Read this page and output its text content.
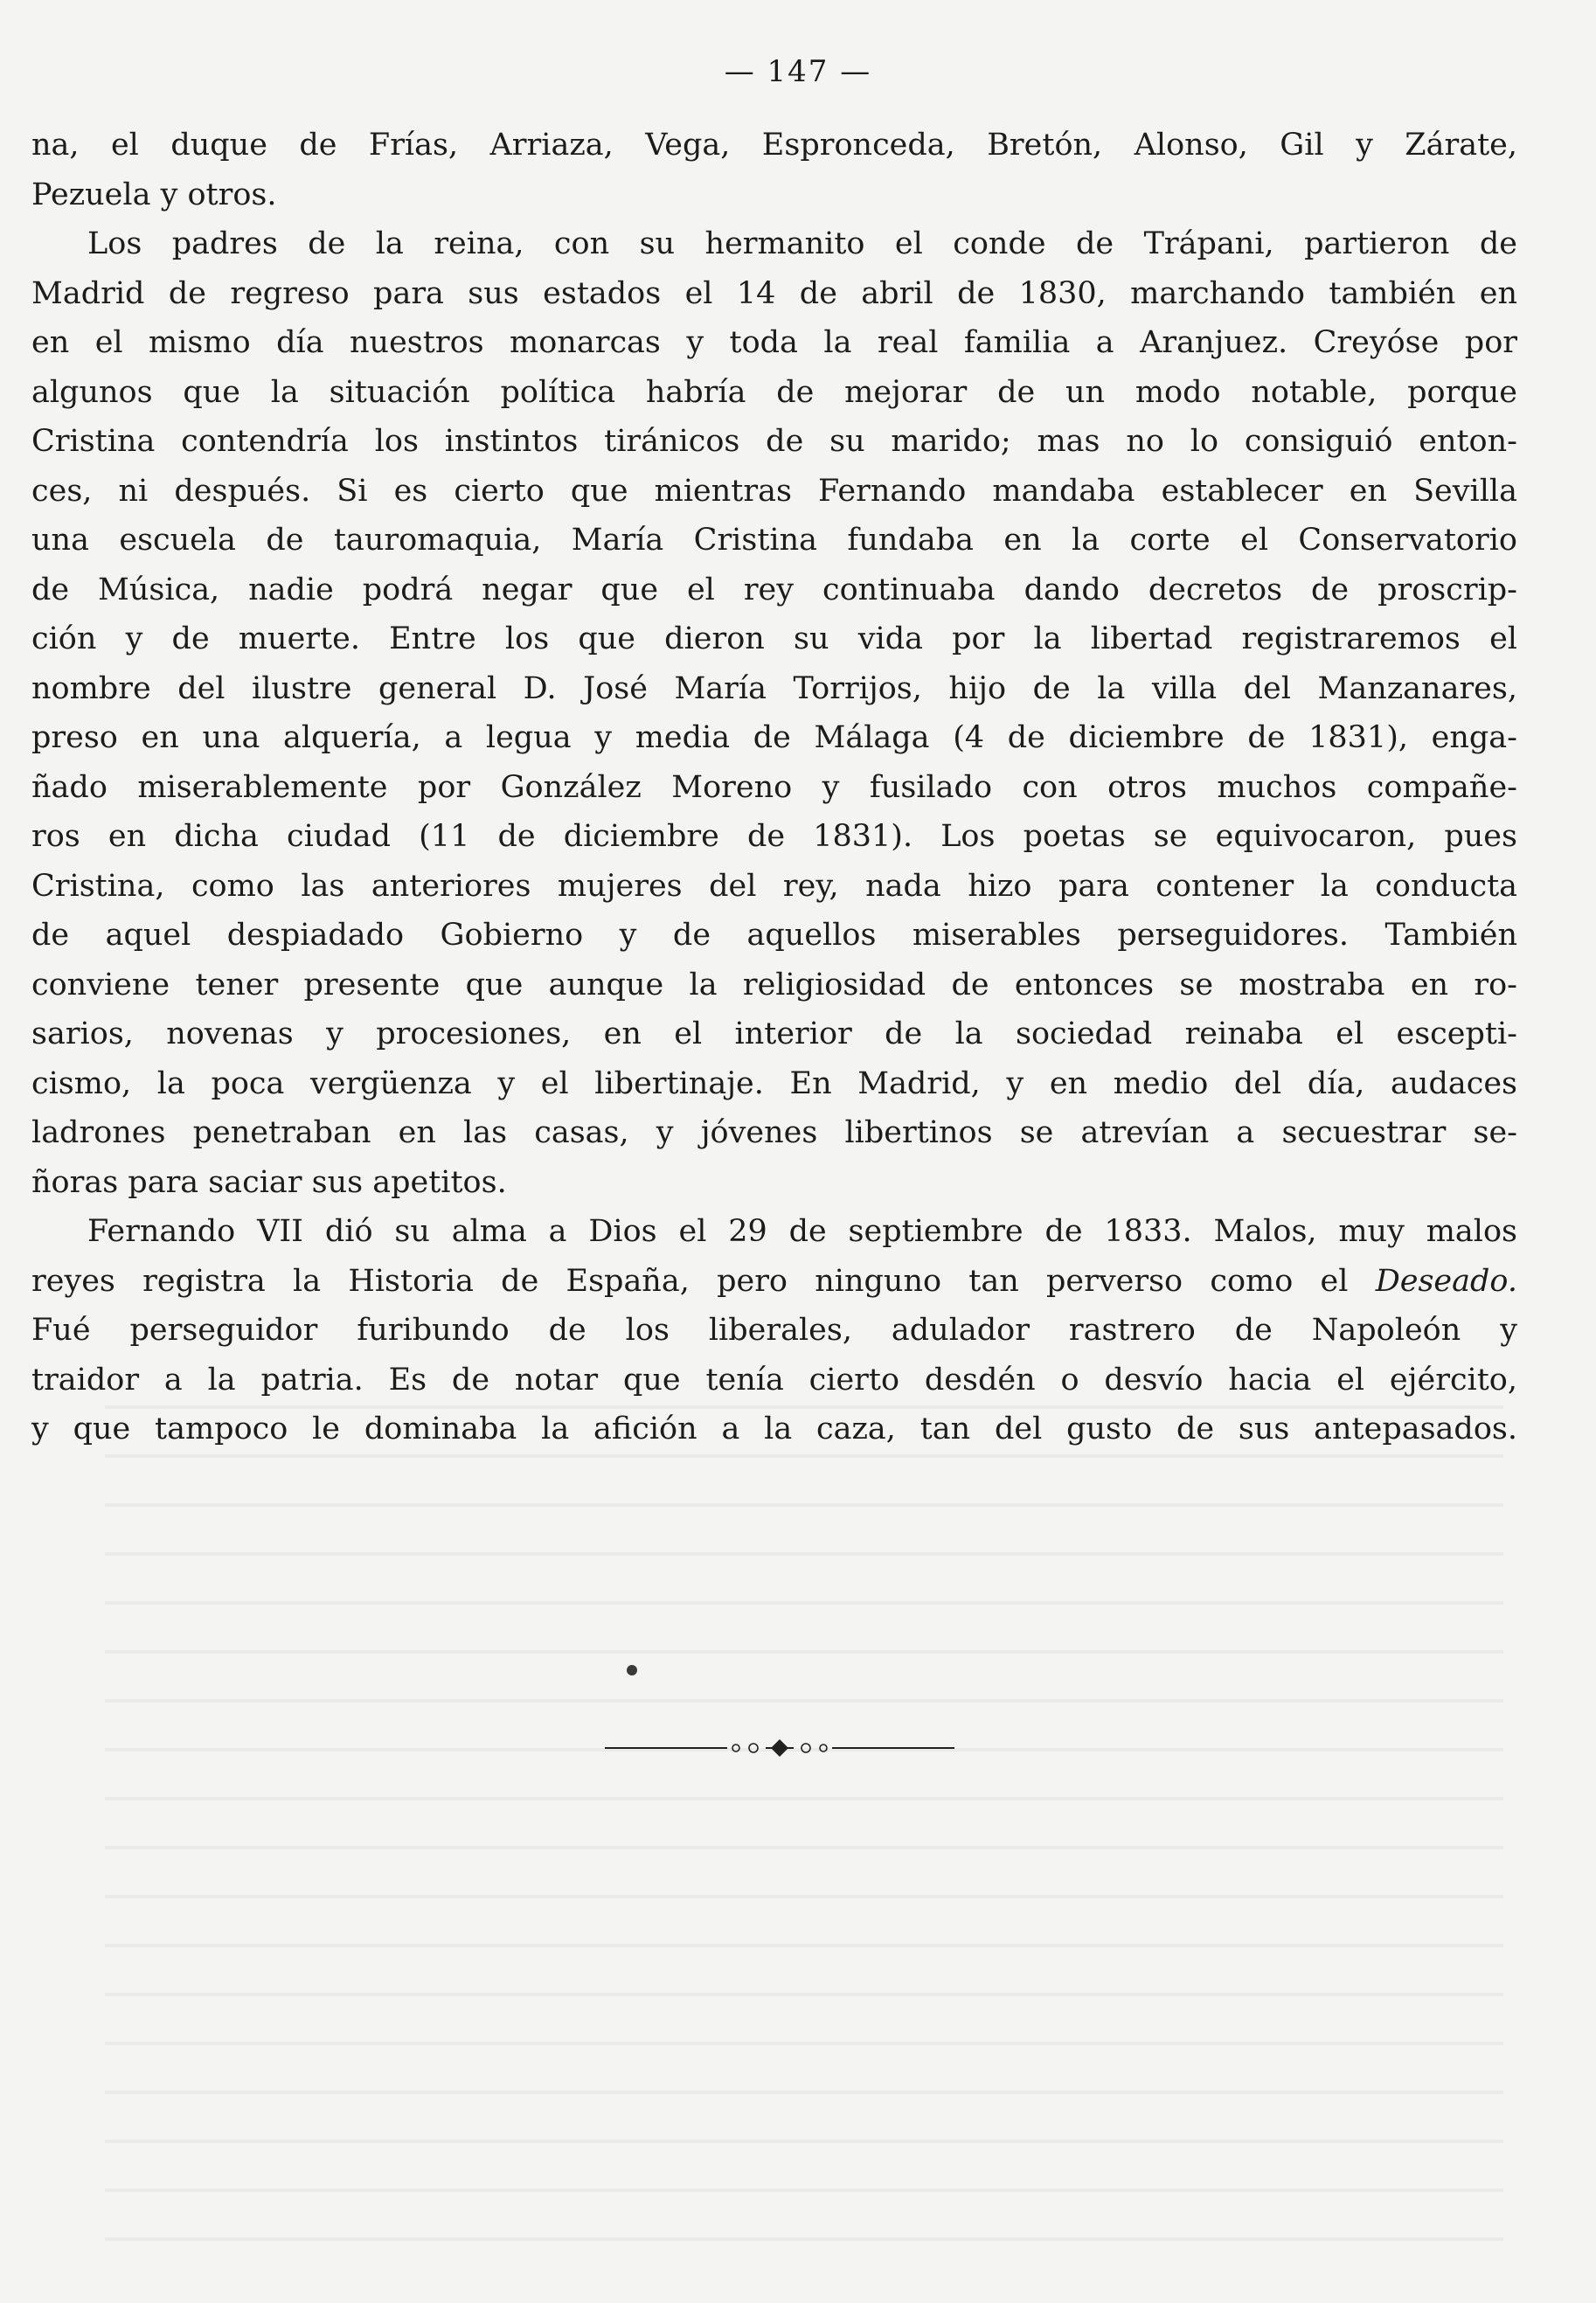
— 147 —
na, el duque de Frías, Arriaza, Vega, Espronceda, Bretón, Alonso, Gil y Zárate,
Pezuela y otros.
Los padres de la reina, con su hermanito el conde de Trápani, partieron de
Madrid de regreso para sus estados el 14 de abril de 1830, marchando también en
en el mismo día nuestros monarcas y toda la real familia a Aranjuez. Creyóse por
algunos que la situación política habría de mejorar de un modo notable, porque
Cristina contendría los instintos tiránicos de su marido; mas no lo consiguió enton-
ces, ni después. Si es cierto que mientras Fernando mandaba establecer en Sevilla
una escuela de tauromaquia, María Cristina fundaba en la corte el Conservatorio
de Música, nadie podrá negar que el rey continuaba dando decretos de proscrip-
ción y de muerte. Entre los que dieron su vida por la libertad registraremos el
nombre del ilustre general D. José María Torrijos, hijo de la villa del Manzanares,
preso en una alquería, a legua y media de Málaga (4 de diciembre de 1831), enga-
ñado miserablemente por González Moreno y fusilado con otros muchos compañe-
ros en dicha ciudad (11 de diciembre de 1831). Los poetas se equivocaron, pues
Cristina, como las anteriores mujeres del rey, nada hizo para contener la conducta
de aquel despiadado Gobierno y de aquellos miserables perseguidores. También
conviene tener presente que aunque la religiosidad de entonces se mostraba en ro-
sarios, novenas y procesiones, en el interior de la sociedad reinaba el escepti-
cismo, la poca vergüenza y el libertinaje. En Madrid, y en medio del día, audaces
ladrones penetraban en las casas, y jóvenes libertinos se atrevían a secuestrar se-
ñoras para saciar sus apetitos.
Fernando VII dió su alma a Dios el 29 de septiembre de 1833. Malos, muy malos
reyes registra la Historia de España, pero ninguno tan perverso como el Deseado.
Fué perseguidor furibundo de los liberales, adulador rastrero de Napoleón y
traidor a la patria. Es de notar que tenía cierto desdén o desvío hacia el ejército,
y que tampoco le dominaba la afición a la caza, tan del gusto de sus antepasados.
